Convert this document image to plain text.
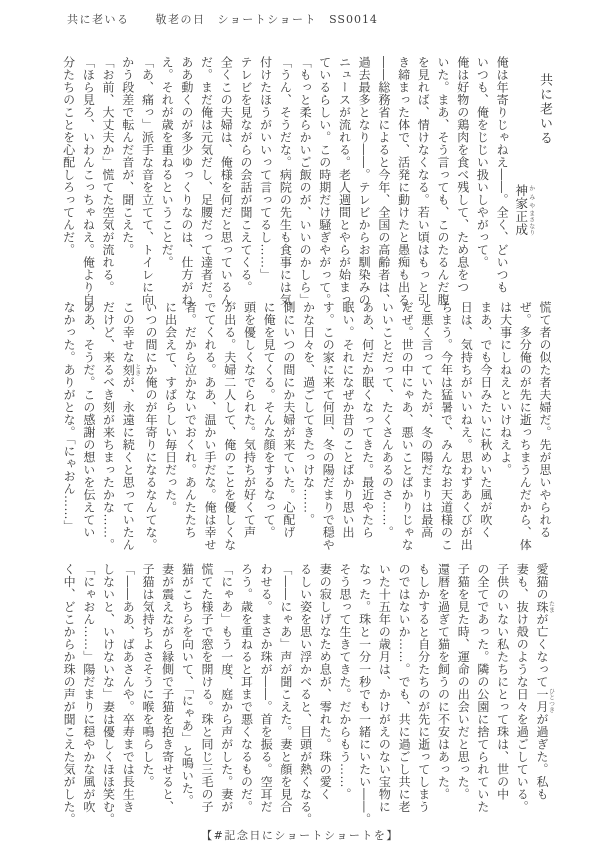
共に老いる 敬老の日 ショートショート SS0014
共に老いる
神家 かみや正成 まさなり
俺は年寄りじゃねえ――。全く、どいつも
いつも、俺をじじい扱いしやがって。
俺は好物の鶏肉を食べ残して、ため息をつ
いた。まあ、そう言っても、このたるんだ腹
を見れば、情けなくなる。若い頃はもっと引
き締まった体で、活発に動けたと愚痴も出る。
――総務省によると今年、全国の高齢者は、
過去最多となり――。テレビからお馴染みの
ニュースが流れる。老人週間とやらが始まっ
ているらしい。この時期だけ騒ぎやがって。
「もっと柔らかいご飯のが、いいのかしら」
「うん、そうだな。病院の先生も食事には気
付けたほうがいいって言ってるし……」
テレビを見ながらの会話が聞こえてくる。
全くこの夫婦は、俺様を何だと思っているん
だ。まだ俺は元気だし、足腰だって達者だ。
ああ動くのが多少ゆっくりなのは、仕方がね
え。それが歳を重ねるということだ。
「あ、痛っ」派手な音を立てて、トイレに向
かう段差で転んだ音が、聞こえた。
「お前、大丈夫か」慌てた空気が流れる。
「ほら見ろ、いわんこっちゃねえ。俺より自
分たちのことを心配しろってんだ。
慌て者の似た者夫婦だ。先が思いやられる
ぜ。多分俺のが先に逝っちまうんだから、体
は大事にしねえといけねえよ。
まあ、でも今日みたいに秋めいた風が吹く
日は、気持ちがいいねえ。思わずあくびが出
ちまう。今年は猛暑で、みんなお天道様のこ
と悪く言っていたが、冬の陽だまりは最高
だぜ。世の中にゃあ、悪いことばかりじゃな
いいことだって、たくさんあるのさ……。
ああ、何だか眠くなってきた。最近やたら
眠い。それになぜか昔のことばかり思い出
す。この家に来て何回、冬の陽だまりで穏や
かな日々を、過ごしてきたっけな……。
側にいつの間にか夫婦が来ていた。心配げ
に俺を見てくる。そんな顔をするなって。
頭を優しくなでられた。気持ちが好くて声
が出る。夫婦二人して、俺のことを優しくな
でてくれる。ああ、温かい手だな。俺は幸せ
者。だから泣かないでおくれ。あんたたち
に出会えて、すばらしい毎日だった。
いつの間にか俺のが年寄りになるなんてな。
この幸せな刻ときが、永遠に続くと思っていたん
だけど、来るべき刻が来ちまったかな……。
ああ、そうだ。この感謝の想いを伝えてい
なかった。ありがとな。「にゃおん……」
愛猫の珠たまが亡くなって一月ひとつきが過ぎた。私も
妻も、抜け殻のような日々を過ごしている。
子供のいない私たちにとって珠は、世の中
の全てであった。隣の公園に捨てられていた
子猫を見た時、運命の出会いだと思った。
還暦を過ぎて猫を飼うのに不安はあった。
もしかすると自分たちのが先に逝ってしまう
のではないか……。でも、共に過ごし共に老
いた十五年の歳月は、かけがえのない宝物に
なった。珠と一分一秒でも一緒にいたい――。
そう思って生きてきた。だからもう……。
妻の寂しげなため息が、零れた。珠の愛く
るしい姿を思い浮かべると、目頭が熱くなる。
「――にゃあ」声が聞こえた。妻と顔を見合
わせる。まさか珠が――。首を振る。空耳だ
ろう。歳を重ねると耳まで悪くなるものだ。
「にゃあ」もう一度、庭から声がした。妻が
慌てた様子で窓を開ける。珠と同じ三毛の子
猫がこちらを向いて、「にゃあ」と鳴いた。
妻が震えながら縁側で子猫を抱き寄せると、
子猫は気持ちよさそうに喉を鳴らした。
「――ああ、ばあさんや。卒寿までは長生き
しないと、いけないな」妻は優しくほほ笑む。
「にゃおん……」陽だまりに穏やかな風が吹
く中、どこからか珠の声が聞こえた気がした。
【#記念日にショートショートを】
